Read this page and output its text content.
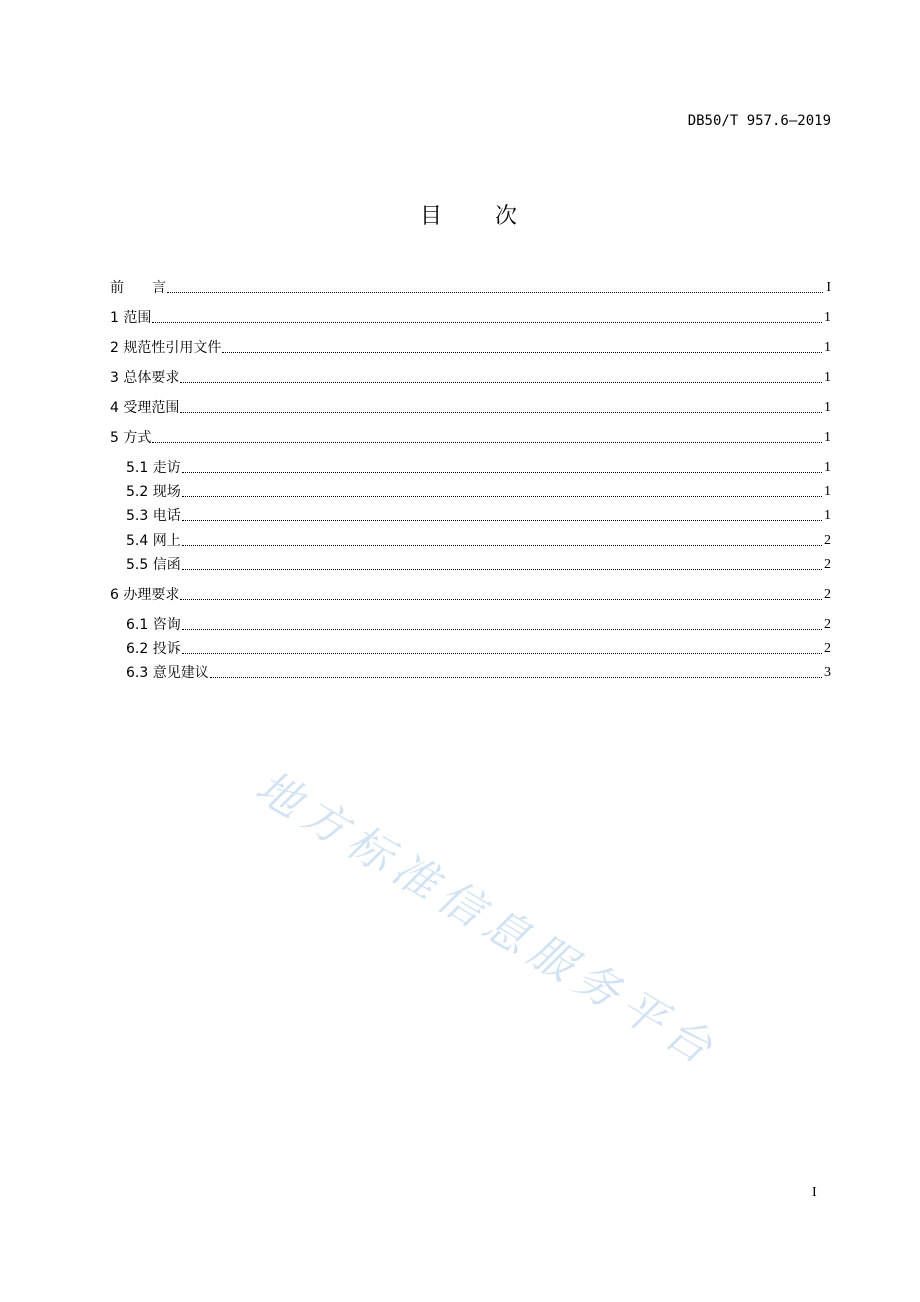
DB50/T 957.6—2019
目　　次
前　　言	I
1 范围	1
2 规范性引用文件	1
3 总体要求	1
4 受理范围	1
5 方式	1
5.1 走访	1
5.2 现场	1
5.3 电话	1
5.4 网上	2
5.5 信函	2
6 办理要求	2
6.1 咨询	2
6.2 投诉	2
6.3 意见建议	3
地方标准信息服务平台
I
